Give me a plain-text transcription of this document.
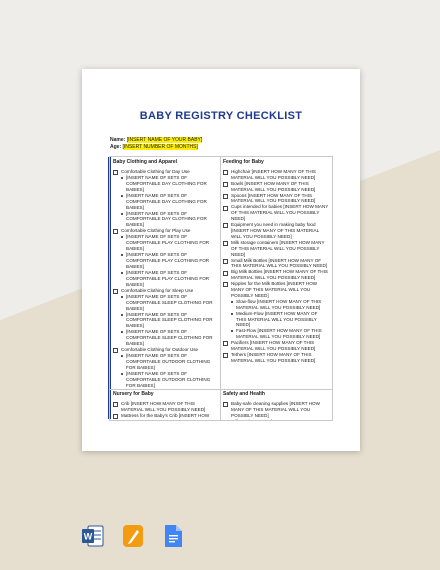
BABY REGISTRY CHECKLIST
Name: [INSERT NAME OF YOUR BABY]
Age: [INSERT NUMBER OF MONTHS]
Baby Clothing and Apparel
Comfortable Clothing for Day Use
[INSERT NAME OF SETS OF COMFORTABLE DAY CLOTHING FOR BABIES]
[INSERT NAME OF SETS OF COMFORTABLE DAY CLOTHING FOR BABIES]
[INSERT NAME OF SETS OF COMFORTABLE DAY CLOTHING FOR BABIES]
Comfortable Clothing for Play Use
[INSERT NAME OF SETS OF COMFORTABLE PLAY CLOTHING FOR BABIES]
[INSERT NAME OF SETS OF COMFORTABLE PLAY CLOTHING FOR BABIES]
[INSERT NAME OF SETS OF COMFORTABLE PLAY CLOTHING FOR BABIES]
Comfortable Clothing for Sleep Use
[INSERT NAME OF SETS OF COMFORTABLE SLEEP CLOTHING FOR BABIES]
[INSERT NAME OF SETS OF COMFORTABLE SLEEP CLOTHING FOR BABIES]
[INSERT NAME OF SETS OF COMFORTABLE SLEEP CLOTHING FOR BABIES]
Comfortable Clothing for Outdoor Use
[INSERT NAME OF SETS OF COMFORTABLE OUTDOOR CLOTHING FOR BABIES]
[INSERT NAME OF SETS OF COMFORTABLE OUTDOOR CLOTHING FOR BABIES]
Feeding for Baby
Highchair [INSERT HOW MANY OF THIS MATERIAL WILL YOU POSSIBLY NEED]
Bowls [INSERT HOW MANY OF THIS MATERIAL WILL YOU POSSIBLY NEED]
Spoons [INSERT HOW MANY OF THIS MATERIAL WILL YOU POSSIBLY NEED]
Cups intended for babies [INSERT HOW MANY OF THIS MATERIAL WILL YOU POSSIBLY NEED]
Equipment you need in making baby food [INSERT HOW MANY OF THIS MATERIAL WILL YOU POSSIBLY NEED]
Milk storage containers [INSERT HOW MANY OF THIS MATERIAL WILL YOU POSSIBLY NEED]
Small Milk Bottles [INSERT HOW MANY OF THIS MATERIAL WILL YOU POSSIBLY NEED]
Big Milk Bottles [INSERT HOW MANY OF THIS MATERIAL WILL YOU POSSIBLY NEED]
Nipples for the Milk Bottles [INSERT HOW MANY OF THIS MATERIAL WILL YOU POSSIBLY NEED]
Slow-flow [INSERT HOW MANY OF THIS MATERIAL WILL YOU POSSIBLY NEED]
Medium-Flow [INSERT HOW MANY OF THIS MATERIAL WILL YOU POSSIBLY NEED]
Fast-Flow [INSERT HOW MANY OF THIS MATERIAL WILL YOU POSSIBLY NEED]
Pacifiers [INSERT HOW MANY OF THIS MATERIAL WILL YOU POSSIBLY NEED]
Tethers [INSERT HOW MANY OF THIS MATERIAL WILL YOU POSSIBLY NEED]
Nursery for Baby
Crib [INSERT HOW MANY OF THIS MATERIAL WILL YOU POSSIBLY NEED]
Mattress for the Baby's Crib [INSERT HOW
Safety and Health
Baby-safe cleaning supplies [INSERT HOW MANY OF THIS MATERIAL WILL YOU POSSIBLY NEED]
W
